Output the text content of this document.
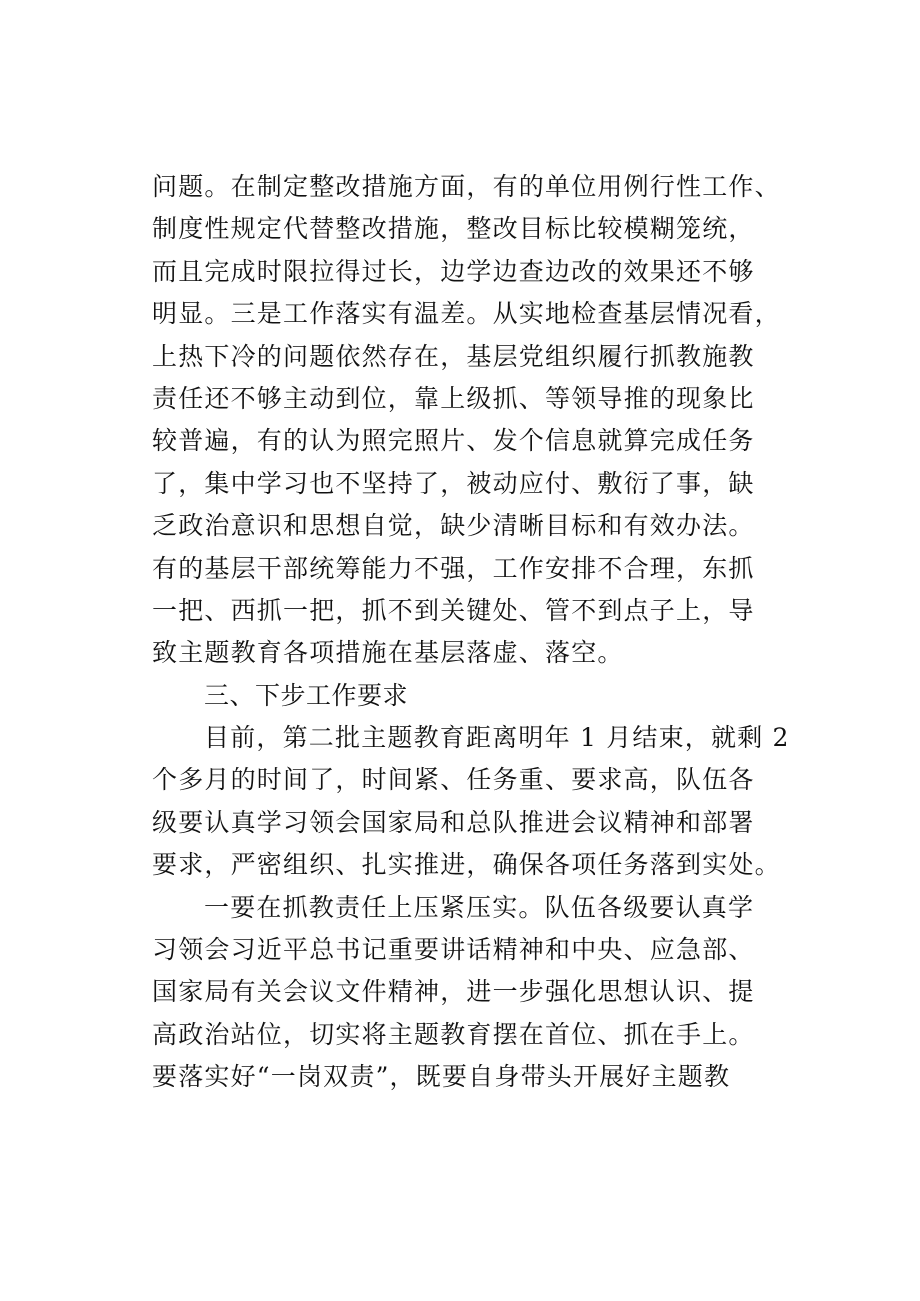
问题。在制定整改措施方面，有的单位用例行性工作、
制度性规定代替整改措施，整改目标比较模糊笼统，
而且完成时限拉得过长，边学边查边改的效果还不够
明显。三是工作落实有温差。从实地检查基层情况看，
上热下冷的问题依然存在，基层党组织履行抓教施教
责任还不够主动到位，靠上级抓、等领导推的现象比
较普遍，有的认为照完照片、发个信息就算完成任务
了，集中学习也不坚持了，被动应付、敷衍了事，缺
乏政治意识和思想自觉，缺少清晰目标和有效办法。
有的基层干部统筹能力不强，工作安排不合理，东抓
一把、西抓一把，抓不到关键处、管不到点子上，导
致主题教育各项措施在基层落虚、落空。
三、下步工作要求
目前，第二批主题教育距离明年 1 月结束，就剩 2
个多月的时间了，时间紧、任务重、要求高，队伍各
级要认真学习领会国家局和总队推进会议精神和部署
要求，严密组织、扎实推进，确保各项任务落到实处。
一要在抓教责任上压紧压实。队伍各级要认真学
习领会习近平总书记重要讲话精神和中央、应急部、
国家局有关会议文件精神，进一步强化思想认识、提
高政治站位，切实将主题教育摆在首位、抓在手上。
要落实好“一岗双责”，既要自身带头开展好主题教
